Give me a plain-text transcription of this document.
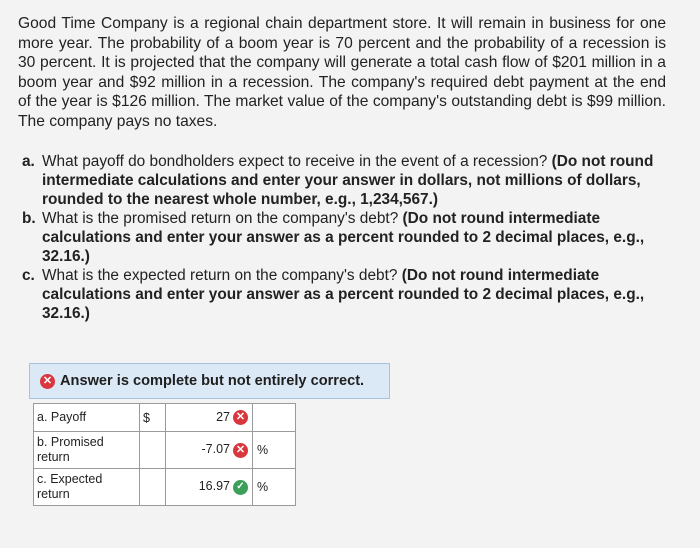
Good Time Company is a regional chain department store. It will remain in business for one more year. The probability of a boom year is 70 percent and the probability of a recession is 30 percent. It is projected that the company will generate a total cash flow of $201 million in a boom year and $92 million in a recession. The company's required debt payment at the end of the year is $126 million. The market value of the company's outstanding debt is $99 million. The company pays no taxes.

a. What payoff do bondholders expect to receive in the event of a recession? (Do not round intermediate calculations and enter your answer in dollars, not millions of dollars, rounded to the nearest whole number, e.g., 1,234,567.)

b. What is the promised return on the company's debt? (Do not round intermediate calculations and enter your answer as a percent rounded to 2 decimal places, e.g., 32.16.)

c. What is the expected return on the company's debt? (Do not round intermediate calculations and enter your answer as a percent rounded to 2 decimal places, e.g., 32.16.)

✕ Answer is complete but not entirely correct.
a. Payoff	$	27 ✕	
b. Promised return		-7.07 ✕	%
c. Expected return		16.97 ✓	%
